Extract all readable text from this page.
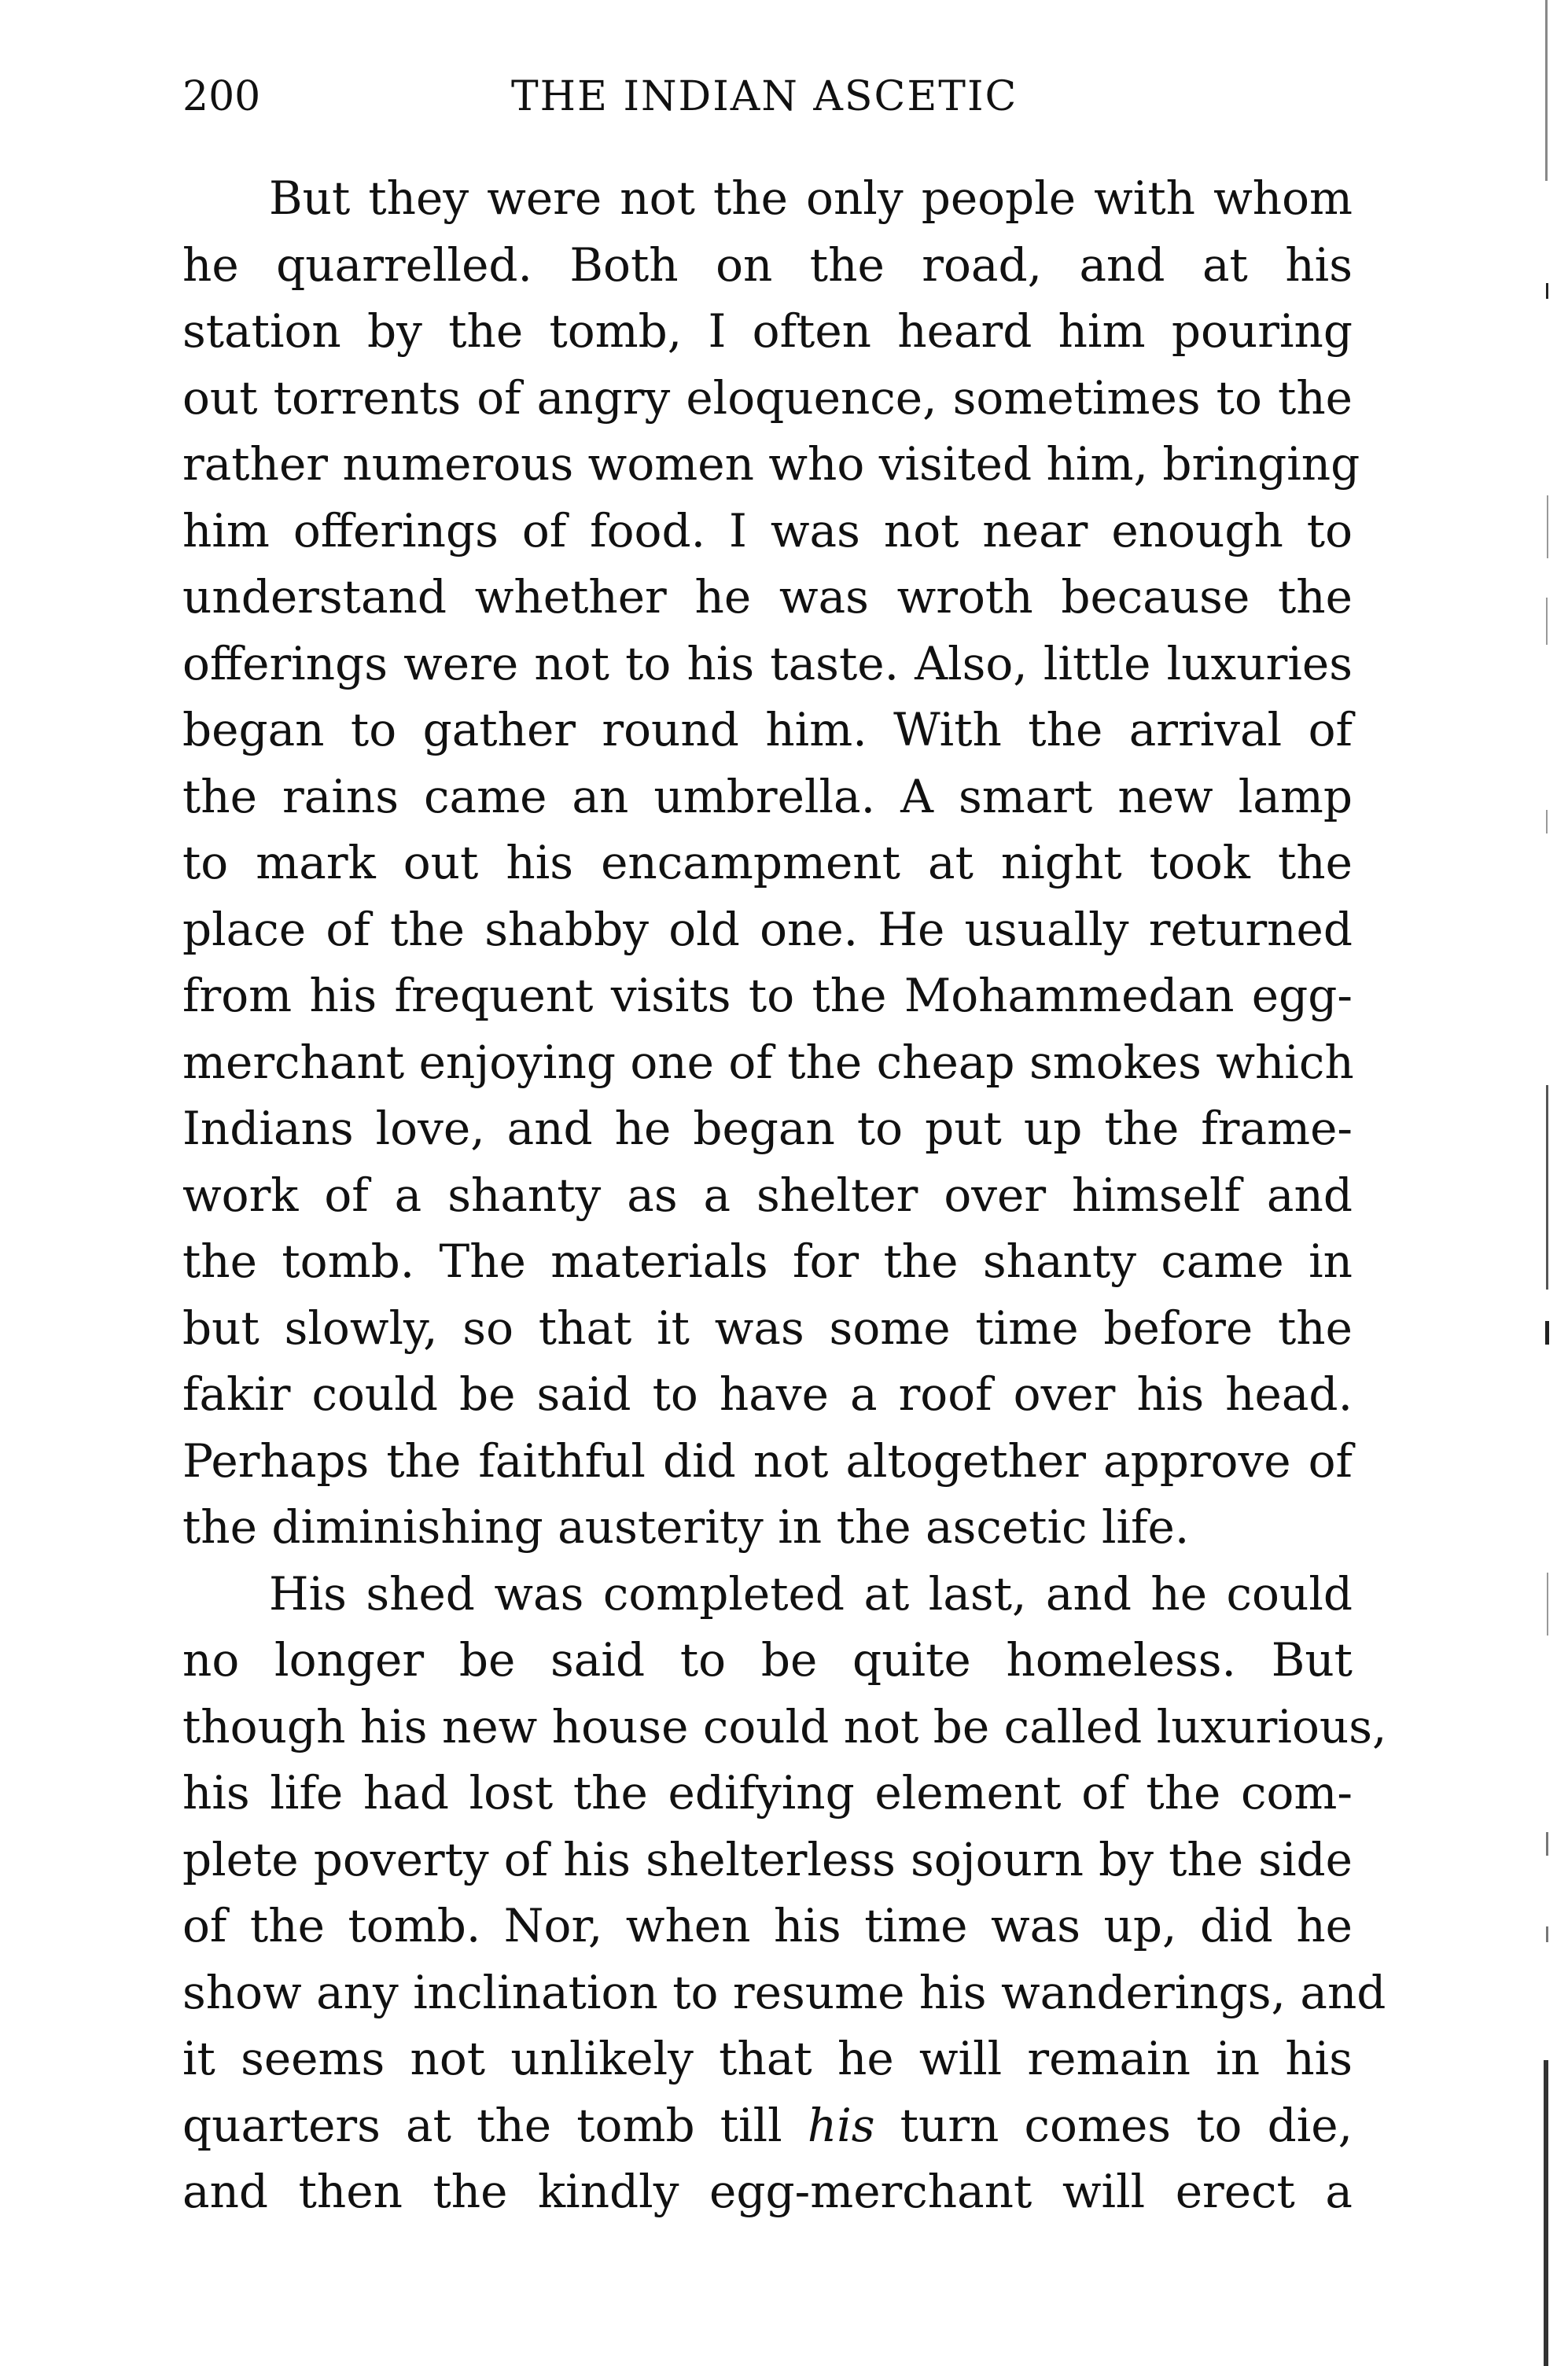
200	THE INDIAN ASCETIC
But they were not the only people with whom
he quarrelled. Both on the road, and at his
station by the tomb, I often heard him pouring
out torrents of angry eloquence, sometimes to the
rather numerous women who visited him, bringing
him offerings of food. I was not near enough to
understand whether he was wroth because the
offerings were not to his taste. Also, little luxuries
began to gather round him. With the arrival of
the rains came an umbrella. A smart new lamp
to mark out his encampment at night took the
place of the shabby old one. He usually returned
from his frequent visits to the Mohammedan egg-
merchant enjoying one of the cheap smokes which
Indians love, and he began to put up the frame-
work of a shanty as a shelter over himself and
the tomb. The materials for the shanty came in
but slowly, so that it was some time before the
fakir could be said to have a roof over his head.
Perhaps the faithful did not altogether approve of
the diminishing austerity in the ascetic life.
His shed was completed at last, and he could
no longer be said to be quite homeless. But
though his new house could not be called luxurious,
his life had lost the edifying element of the com-
plete poverty of his shelterless sojourn by the side
of the tomb. Nor, when his time was up, did he
show any inclination to resume his wanderings, and
it seems not unlikely that he will remain in his
quarters at the tomb till his turn comes to die,
and then the kindly egg-merchant will erect a
